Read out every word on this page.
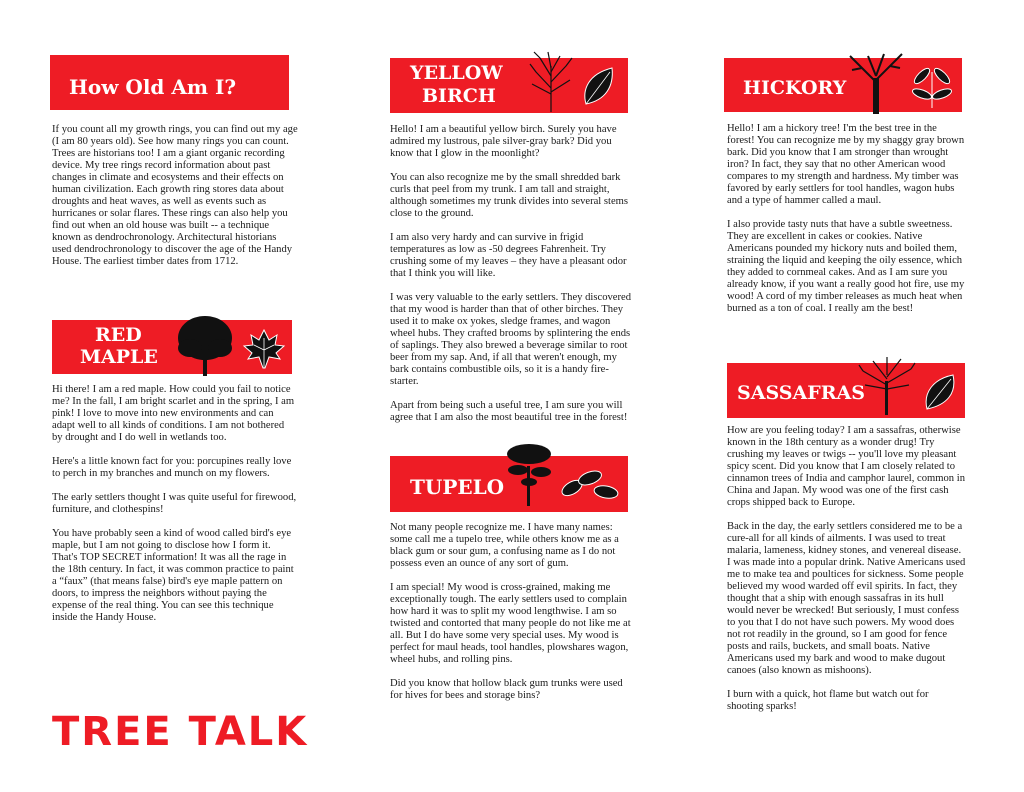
How Old Am I?

If you count all my growth rings, you can find out my age (I am 80 years old). See how many rings you can count. Trees are historians too! I am a giant organic recording device. My tree rings record information about past changes in climate and ecosystems and their effects on human civilization. Each growth ring stores data about droughts and heat waves, as well as events such as hurricanes or solar flares. These rings can also help you find out when an old house was built -- a technique known as dendrochronology. Architectural historians used dendrochronology to discover the age of the Handy House. The earliest timber dates from 1712.

RED
MAPLE

Hi there! I am a red maple. How could you fail to notice me? In the fall, I am bright scarlet and in the spring, I am pink! I love to move into new environments and can adapt well to all kinds of conditions. I am not bothered by drought and I do well in wetlands too.

Here's a little known fact for you: porcupines really love to perch in my branches and munch on my flowers.

The early settlers thought I was quite useful for firewood, furniture, and clothespins!

You have probably seen a kind of wood called bird's eye maple, but I am not going to disclose how I form it. That's TOP SECRET information! It was all the rage in the 18th century. In fact, it was common practice to paint a “faux” (that means false) bird's eye maple pattern on doors, to impress the neighbors without paying the expense of the real thing. You can see this technique inside the Handy House.

TREE TALK
YELLOW
BIRCH

Hello! I am a beautiful yellow birch. Surely you have admired my lustrous, pale silver-gray bark? Did you know that I glow in the moonlight?

You can also recognize me by the small shredded bark curls that peel from my trunk. I am tall and straight, although sometimes my trunk divides into several stems close to the ground.

I am also very hardy and can survive in frigid temperatures as low as -50 degrees Fahrenheit. Try crushing some of my leaves – they have a pleasant odor that I think you will like.

I was very valuable to the early settlers. They discovered that my wood is harder than that of other birches. They used it to make ox yokes, sledge frames, and wagon wheel hubs. They crafted brooms by splintering the ends of saplings. They also brewed a beverage similar to root beer from my sap. And, if all that weren't enough, my bark contains combustible oils, so it is a handy fire-starter.

Apart from being such a useful tree, I am sure you will agree that I am also the most beautiful tree in the forest!

TUPELO

Not many people recognize me. I have many names: some call me a tupelo tree, while others know me as a black gum or sour gum, a confusing name as I do not possess even an ounce of any sort of gum.

I am special! My wood is cross-grained, making me exceptionally tough. The early settlers used to complain how hard it was to split my wood lengthwise. I am so twisted and contorted that many people do not like me at all. But I do have some very special uses. My wood is perfect for maul heads, tool handles, plowshares wagon, wheel hubs, and rolling pins.

Did you know that hollow black gum trunks were used for hives for bees and storage bins?

HICKORY

Hello! I am a hickory tree! I'm the best tree in the forest! You can recognize me by my shaggy gray brown bark. Did you know that I am stronger than wrought iron? In fact, they say that no other American wood compares to my strength and hardness. My timber was favored by early settlers for tool handles, wagon hubs and a type of hammer called a maul.

I also provide tasty nuts that have a subtle sweetness. They are excellent in cakes or cookies. Native Americans pounded my hickory nuts and boiled them, straining the liquid and keeping the oily essence, which they added to cornmeal cakes. And as I am sure you already know, if you want a really good hot fire, use my wood! A cord of my timber releases as much heat when burned as a ton of coal. I really am the best!

SASSAFRAS

How are you feeling today? I am a sassafras, otherwise known in the 18th century as a wonder drug! Try crushing my leaves or twigs -- you'll love my pleasant spicy scent. Did you know that I am closely related to cinnamon trees of India and camphor laurel, common in China and Japan. My wood was one of the first cash crops shipped back to Europe.

Back in the day, the early settlers considered me to be a cure-all for all kinds of ailments. I was used to treat malaria, lameness, kidney stones, and venereal disease. I was made into a popular drink. Native Americans used me to make tea and poultices for sickness. Some people believed my wood warded off evil spirits. In fact, they thought that a ship with enough sassafras in its hull would never be wrecked! But seriously, I must confess to you that I do not have such powers. My wood does not rot readily in the ground, so I am good for fence posts and rails, buckets, and small boats. Native Americans used my bark and wood to make dugout canoes (also known as mishoons).

I burn with a quick, hot flame but watch out for shooting sparks!
